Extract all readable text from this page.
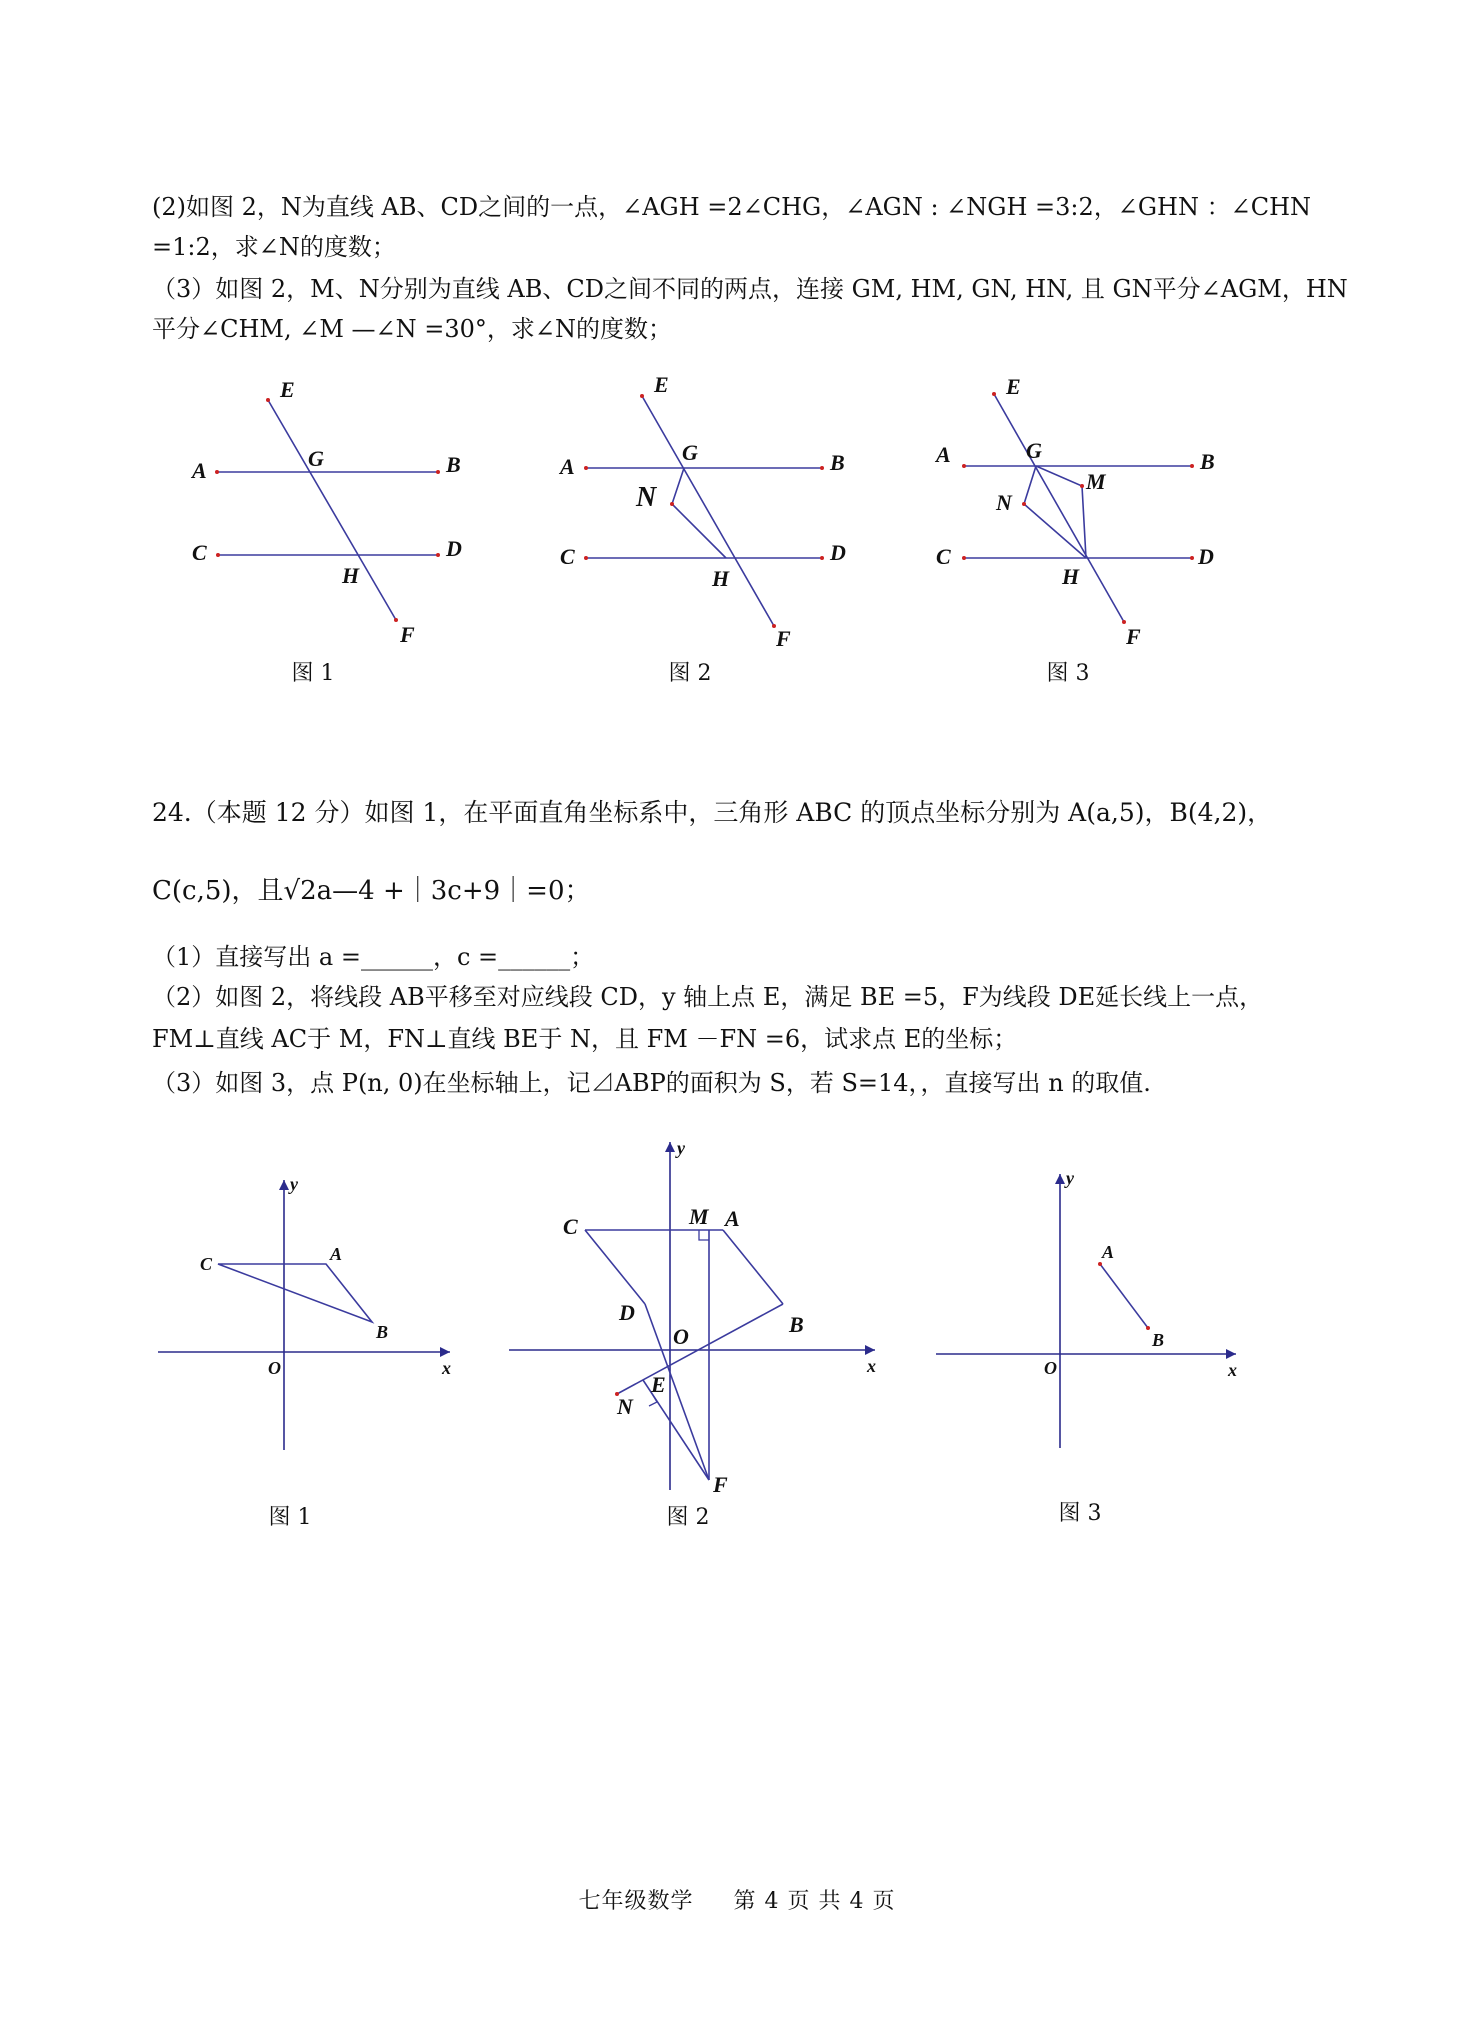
(2)如图 2，N为直线 AB、CD之间的一点，∠AGH =2∠CHG，∠AGN : ∠NGH =3:2，∠GHN ：∠CHN
=1:2，求∠N的度数；
（3）如图 2，M、N分别为直线 AB、CD之间不同的两点，连接 GM, HM, GN, HN, 且 GN平分∠AGM，HN
平分∠CHM, ∠M —∠N =30°，求∠N的度数；
E
G
A	B
C	D
H
F
图 1
E
G
A	B
N
C	D
H
F
图 2
E
G
A	B
M
N
C	D
H
F
图 3
24.（本题 12 分）如图 1，在平面直角坐标系中，三角形 ABC 的顶点坐标分别为 A(a,5)，B(4,2)，
C(c,5)，且√2a—4 +｜3c+9｜=0；
（1）直接写出 a =______，c =______；
（2）如图 2，将线段 AB平移至对应线段 CD，y 轴上点 E，满足 BE =5，F为线段 DE延长线上一点，
FM⊥直线 AC于 M，FN⊥直线 BE于 N，且 FM －FN =6，试求点 E的坐标；
（3）如图 3，点 P(n, 0)在坐标轴上，记⊿ABP的面积为 S，若 S=14，，直接写出 n 的取值.
y
x
O
C	A
B
图 1
y
x
O
C	M A
B
D
E
N
F
图 2
y
x
O
A
B
图 3
七年级数学 第 4 页 共 4 页
